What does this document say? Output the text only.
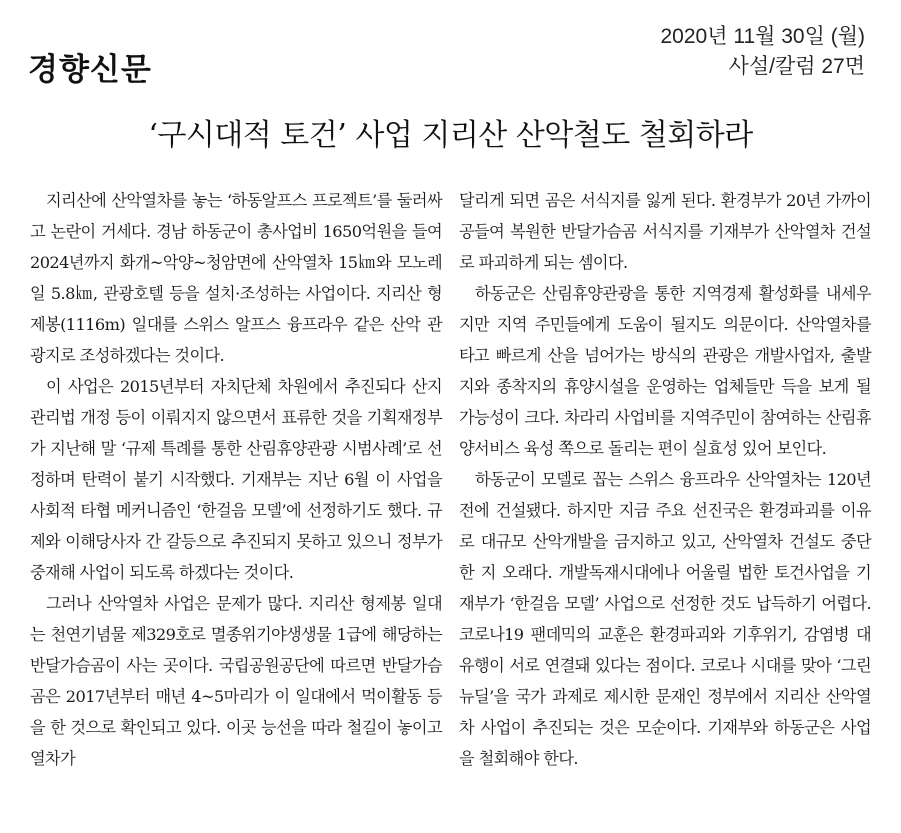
경향신문
2020년 11월 30일 (월)
사설/칼럼 27면
‘구시대적 토건’ 사업 지리산 산악철도 철회하라

지리산에 산악열차를 놓는 ‘하동알프스 프로젝트’를 둘러싸고 논란이 거세다. 경남 하동군이 총사업비 1650억원을 들여 2024년까지 화개~악양~청암면에 산악열차 15㎞와 모노레일 5.8㎞, 관광호텔 등을 설치·조성하는 사업이다. 지리산 형제봉(1116m) 일대를 스위스 알프스 융프라우 같은 산악 관광지로 조성하겠다는 것이다.

이 사업은 2015년부터 자치단체 차원에서 추진되다 산지관리법 개정 등이 이뤄지지 않으면서 표류한 것을 기획재정부가 지난해 말 ‘규제 특례를 통한 산림휴양관광 시범사례’로 선정하며 탄력이 붙기 시작했다. 기재부는 지난 6월 이 사업을 사회적 타협 메커니즘인 ‘한걸음 모델’에 선정하기도 했다. 규제와 이해당사자 간 갈등으로 추진되지 못하고 있으니 정부가 중재해 사업이 되도록 하겠다는 것이다.

그러나 산악열차 사업은 문제가 많다. 지리산 형제봉 일대는 천연기념물 제329호로 멸종위기야생생물 1급에 해당하는 반달가슴곰이 사는 곳이다. 국립공원공단에 따르면 반달가슴곰은 2017년부터 매년 4~5마리가 이 일대에서 먹이활동 등을 한 것으로 확인되고 있다. 이곳 능선을 따라 철길이 놓이고 열차가

달리게 되면 곰은 서식지를 잃게 된다. 환경부가 20년 가까이 공들여 복원한 반달가슴곰 서식지를 기재부가 산악열차 건설로 파괴하게 되는 셈이다.

하동군은 산림휴양관광을 통한 지역경제 활성화를 내세우지만 지역 주민들에게 도움이 될지도 의문이다. 산악열차를 타고 빠르게 산을 넘어가는 방식의 관광은 개발사업자, 출발지와 종착지의 휴양시설을 운영하는 업체들만 득을 보게 될 가능성이 크다. 차라리 사업비를 지역주민이 참여하는 산림휴양서비스 육성 쪽으로 돌리는 편이 실효성 있어 보인다.

하동군이 모델로 꼽는 스위스 융프라우 산악열차는 120년 전에 건설됐다. 하지만 지금 주요 선진국은 환경파괴를 이유로 대규모 산악개발을 금지하고 있고, 산악열차 건설도 중단한 지 오래다. 개발독재시대에나 어울릴 법한 토건사업을 기재부가 ‘한걸음 모델’ 사업으로 선정한 것도 납득하기 어렵다. 코로나19 팬데믹의 교훈은 환경파괴와 기후위기, 감염병 대유행이 서로 연결돼 있다는 점이다. 코로나 시대를 맞아 ‘그린뉴딜’을 국가 과제로 제시한 문재인 정부에서 지리산 산악열차 사업이 추진되는 것은 모순이다. 기재부와 하동군은 사업을 철회해야 한다.
